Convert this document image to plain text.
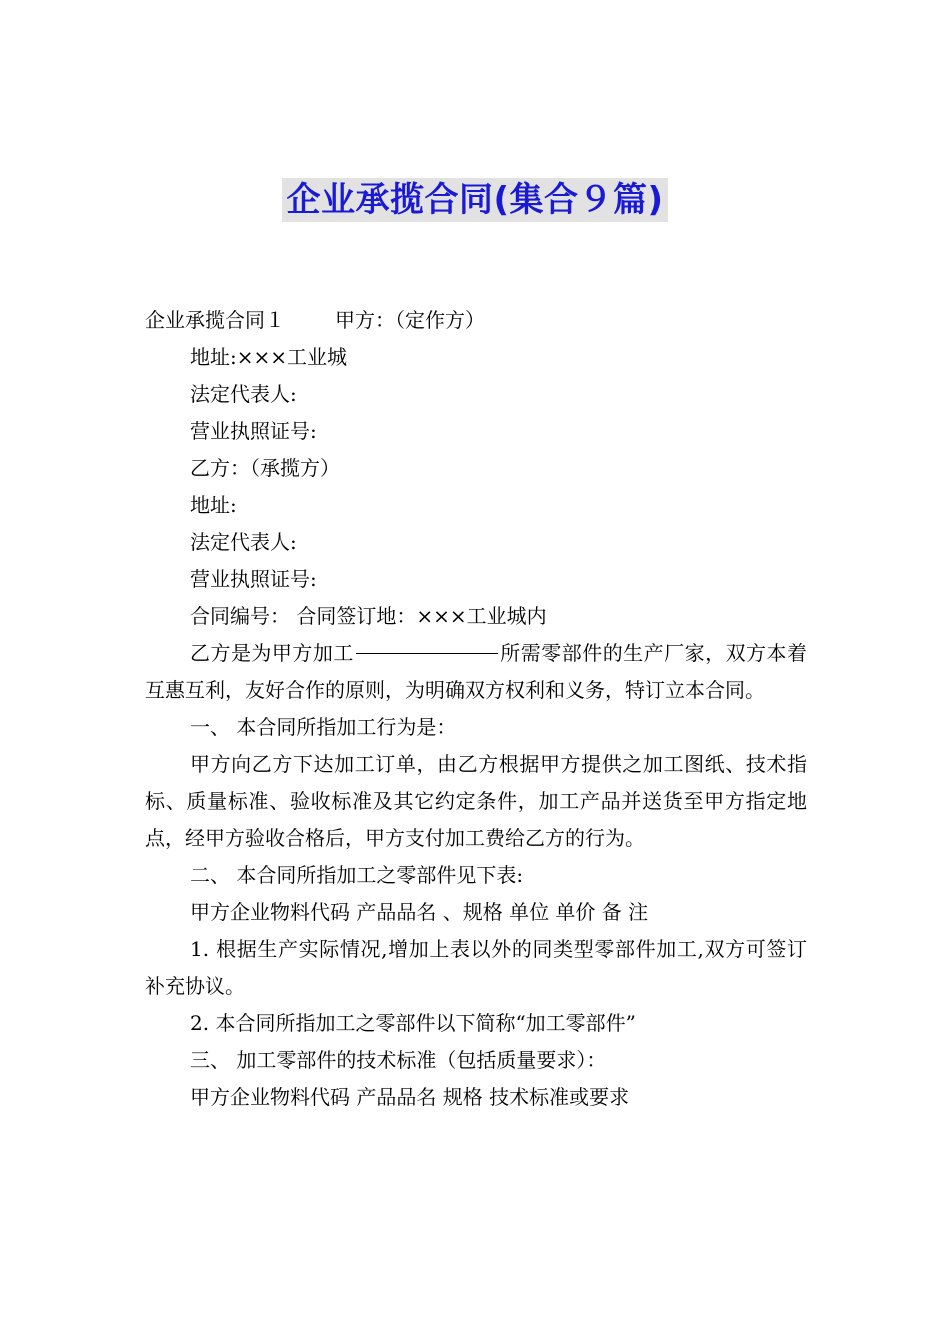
企业承揽合同(集合９篇)

企业承揽合同１	甲方：（定作方）

地址:×××工业城

法定代表人:

营业执照证号:

乙方：（承揽方）

地址:

法定代表人:

营业执照证号:

合同编号： 合同签订地：×××工业城内

乙方是为甲方加工	所需零部件的生产厂家，双方本着互惠互利，友好合作的原则，为明确双方权利和义务，特订立本合同。

一、 本合同所指加工行为是：

甲方向乙方下达加工订单，由乙方根据甲方提供之加工图纸、技术指标、质量标准、验收标准及其它约定条件，加工产品并送货至甲方指定地点，经甲方验收合格后，甲方支付加工费给乙方的行为。

二、 本合同所指加工之零部件见下表:

甲方企业物料代码 产品品名 、规格 单位 单价 备 注

1. 根据生产实际情况,增加上表以外的同类型零部件加工,双方可签订补充协议。

2. 本合同所指加工之零部件以下简称“加工零部件”

三、 加工零部件的技术标准（包括质量要求）：

甲方企业物料代码 产品品名 规格 技术标准或要求
